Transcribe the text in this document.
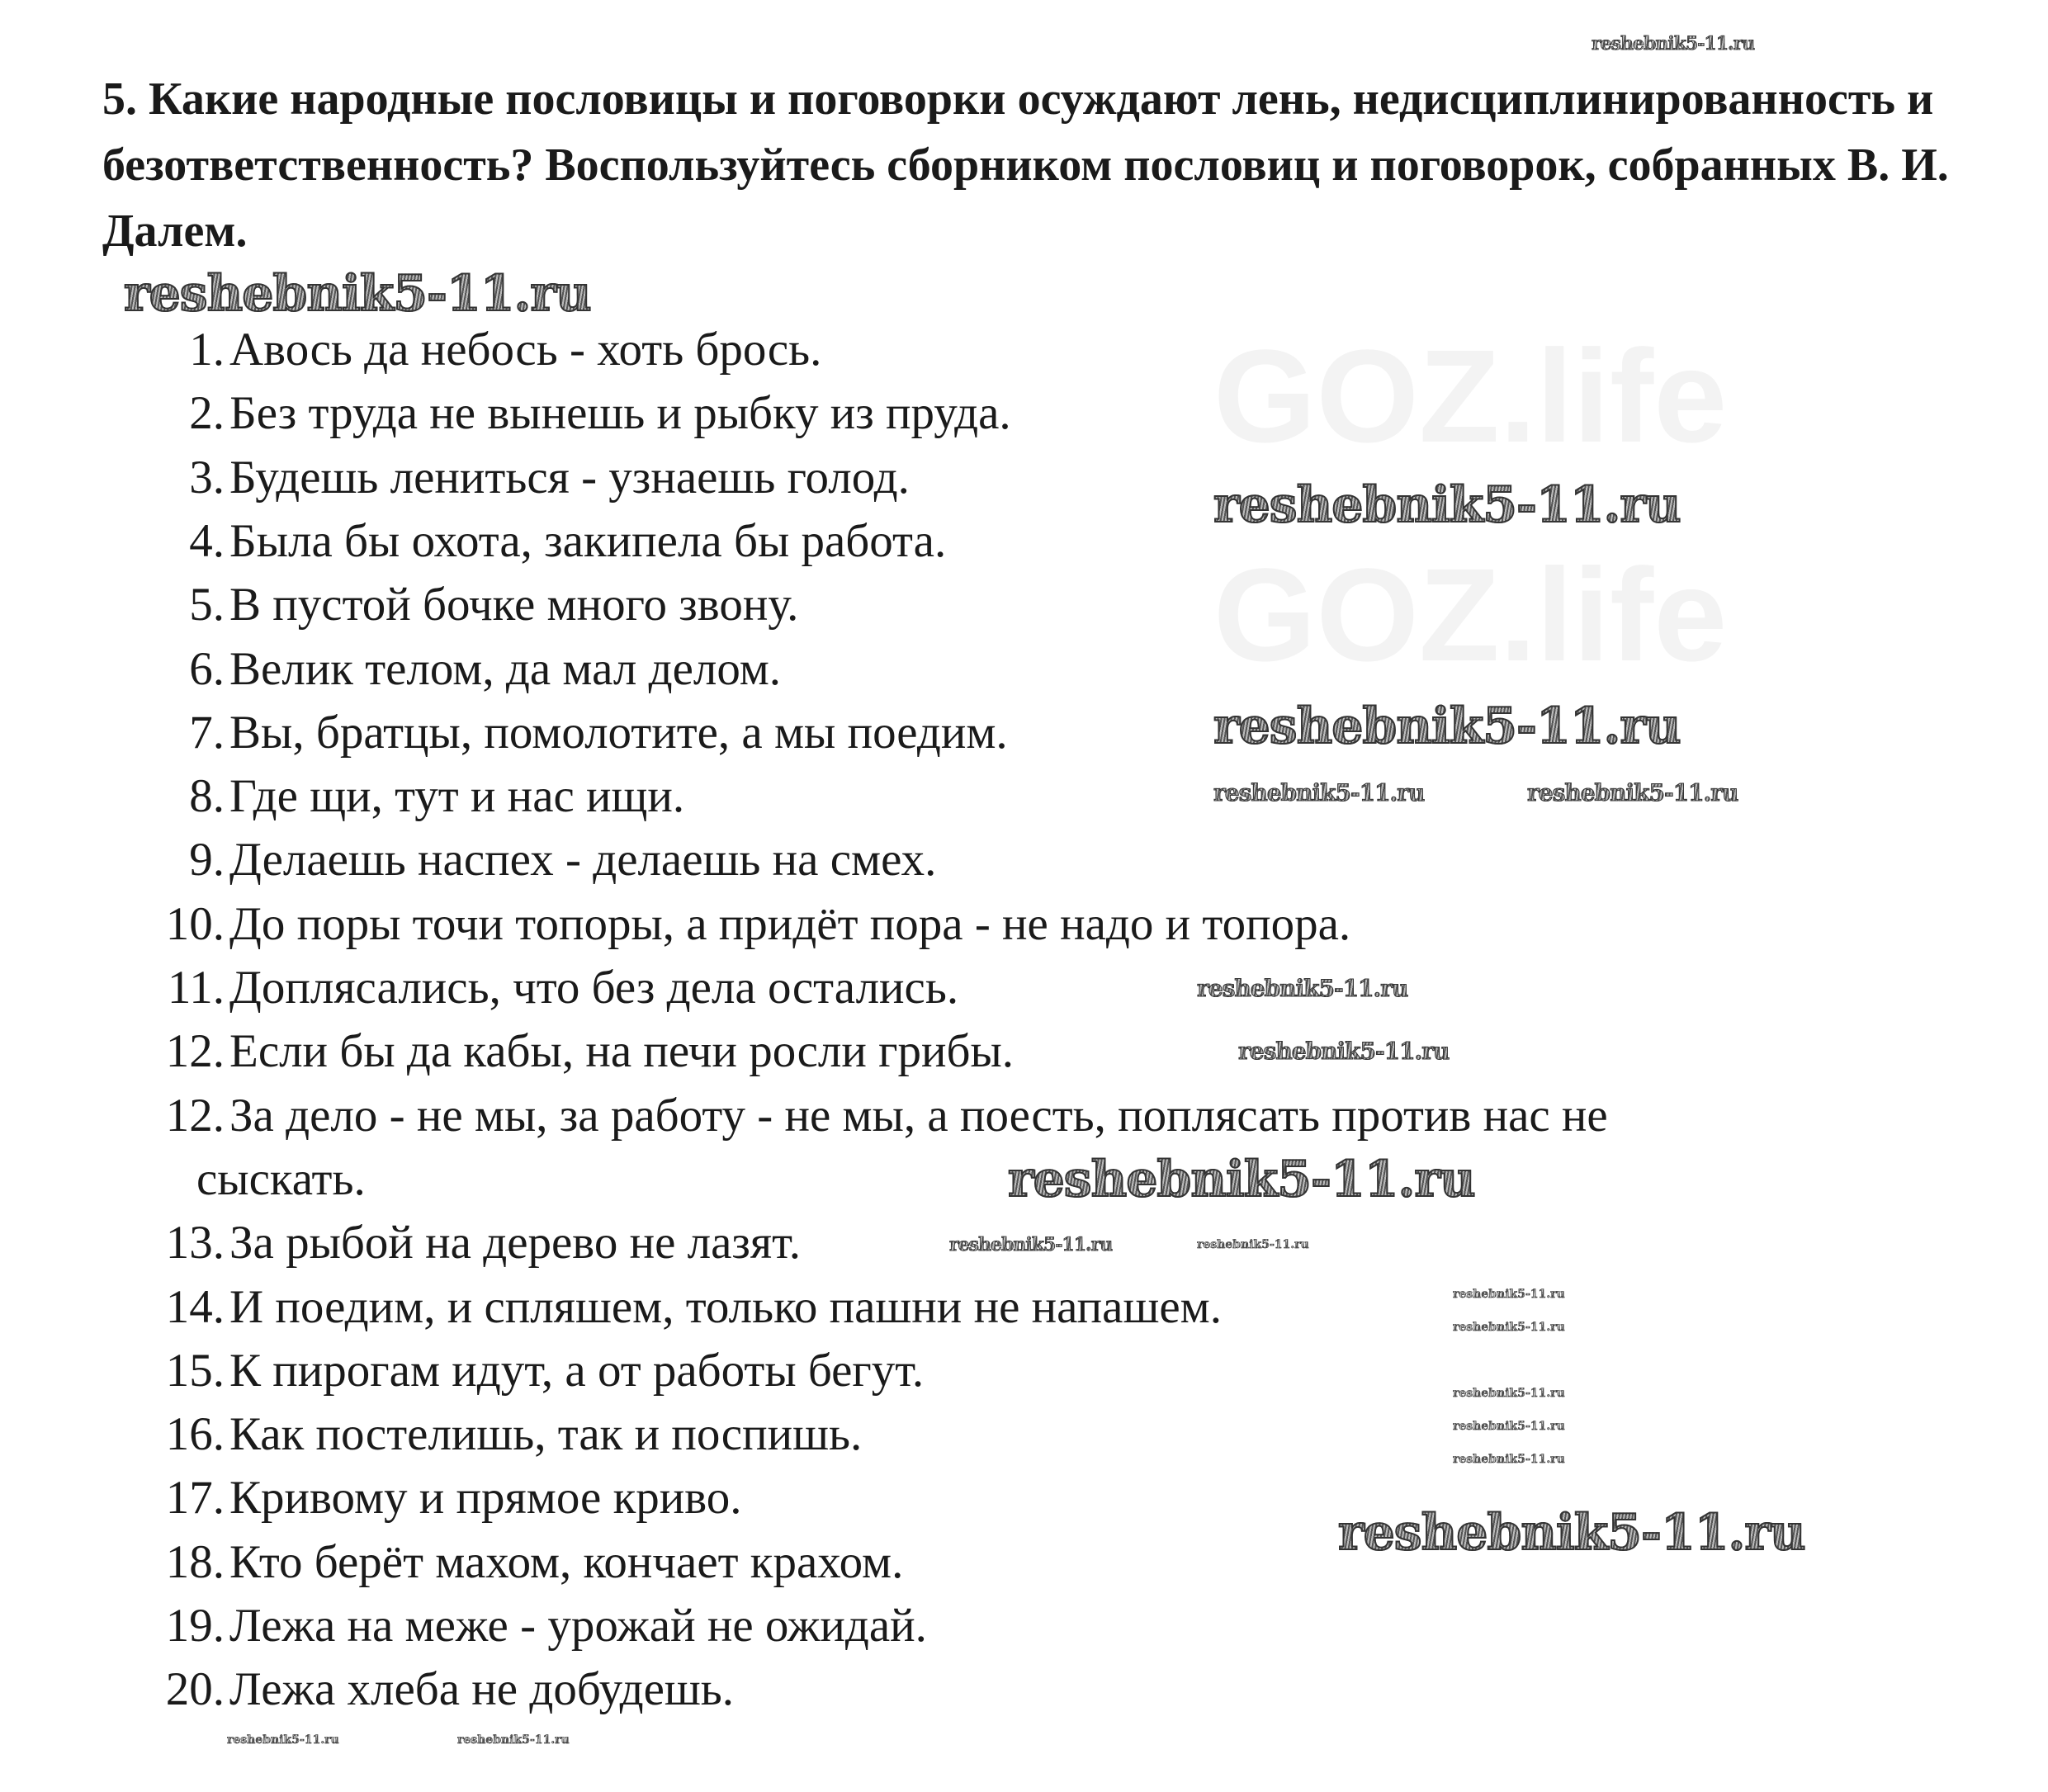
GOZ.life
GOZ.life
5. Какие народные пословицы и поговорки осуждают лень, недисциплинированность и безответственность? Воспользуйтесь сборником пословиц и поговорок, собранных В. И. Далем.
1. Авось да небось - хоть брось.
2. Без труда не вынешь и рыбку из пруда.
3. Будешь лениться - узнаешь голод.
4. Была бы охота, закипела бы работа.
5. В пустой бочке много звону.
6. Велик телом, да мал делом.
7. Вы, братцы, помолотите, а мы поедим.
8. Где щи, тут и нас ищи.
9. Делаешь наспех - делаешь на смех.
10. До поры точи топоры, а придёт пора - не надо и топора.
11. Доплясались, что без дела остались.
12. Если бы да кабы, на печи росли грибы.
12. За дело - не мы, за работу - не мы, а поесть, поплясать против нас не
сыскать.
13. За рыбой на дерево не лазят.
14. И поедим, и спляшем, только пашни не напашем.
15. К пирогам идут, а от работы бегут.
16. Как постелишь, так и поспишь.
17. Кривому и прямое криво.
18. Кто берёт махом, кончает крахом.
19. Лежа на меже - урожай не ожидай.
20. Лежа хлеба не добудешь.
reshebnik5-11.ru
reshebnik5-11.ru
reshebnik5-11.ru
reshebnik5-11.ru
reshebnik5-11.ru	reshebnik5-11.ru
reshebnik5-11.ru
reshebnik5-11.ru
reshebnik5-11.ru
reshebnik5-11.ru	reshebnik5-11.ru
reshebnik5-11.ru
reshebnik5-11.ru
reshebnik5-11.ru
reshebnik5-11.ru
reshebnik5-11.ru
reshebnik5-11.ru
reshebnik5-11.ru	reshebnik5-11.ru
